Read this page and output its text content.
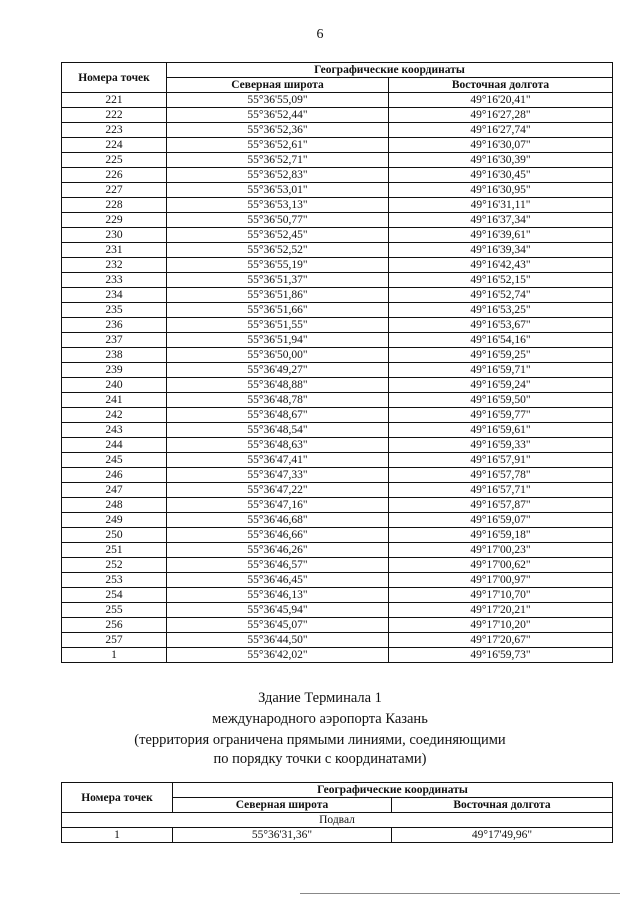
6
Номера точек	Географические координаты	
	Северная широта	Восточная долгота
221	55°36'55,09"	49°16'20,41"
222	55°36'52,44"	49°16'27,28"
223	55°36'52,36"	49°16'27,74"
224	55°36'52,61"	49°16'30,07"
225	55°36'52,71"	49°16'30,39"
226	55°36'52,83"	49°16'30,45"
227	55°36'53,01"	49°16'30,95"
228	55°36'53,13"	49°16'31,11"
229	55°36'50,77"	49°16'37,34"
230	55°36'52,45"	49°16'39,61"
231	55°36'52,52"	49°16'39,34"
232	55°36'55,19"	49°16'42,43"
233	55°36'51,37"	49°16'52,15"
234	55°36'51,86"	49°16'52,74"
235	55°36'51,66"	49°16'53,25"
236	55°36'51,55"	49°16'53,67"
237	55°36'51,94"	49°16'54,16"
238	55°36'50,00"	49°16'59,25"
239	55°36'49,27"	49°16'59,71"
240	55°36'48,88"	49°16'59,24"
241	55°36'48,78"	49°16'59,50"
242	55°36'48,67"	49°16'59,77"
243	55°36'48,54"	49°16'59,61"
244	55°36'48,63"	49°16'59,33"
245	55°36'47,41"	49°16'57,91"
246	55°36'47,33"	49°16'57,78"
247	55°36'47,22"	49°16'57,71"
248	55°36'47,16"	49°16'57,87"
249	55°36'46,68"	49°16'59,07"
250	55°36'46,66"	49°16'59,18"
251	55°36'46,26"	49°17'00,23"
252	55°36'46,57"	49°17'00,62"
253	55°36'46,45"	49°17'00,97"
254	55°36'46,13"	49°17'10,70"
255	55°36'45,94"	49°17'20,21"
256	55°36'45,07"	49°17'10,20"
257	55°36'44,50"	49°17'20,67"
1	55°36'42,02"	49°16'59,73"
Здание Терминала 1
международного аэропорта Казань
(территория ограничена прямыми линиями, соединяющими
по порядку точки с координатами)
Номера точек	Географические координаты	
	Северная широта	Восточная долгота
Подвал		
1	55°36'31,36"	49°17'49,96"
